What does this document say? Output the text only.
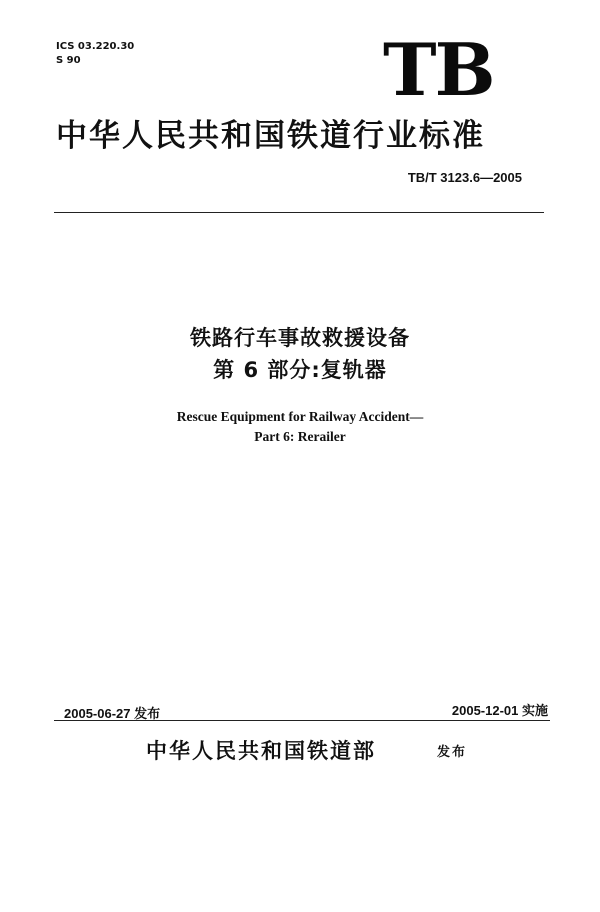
ICS 03.220.30
S 90	TB
中华人民共和国铁道行业标准
TB/T 3123.6—2005
铁路行车事故救援设备
第 6 部分:复轨器
Rescue Equipment for Railway Accident—
Part 6: Rerailer
2005-06-27 发布	2005-12-01 实施
中华人民共和国铁道部	发布
